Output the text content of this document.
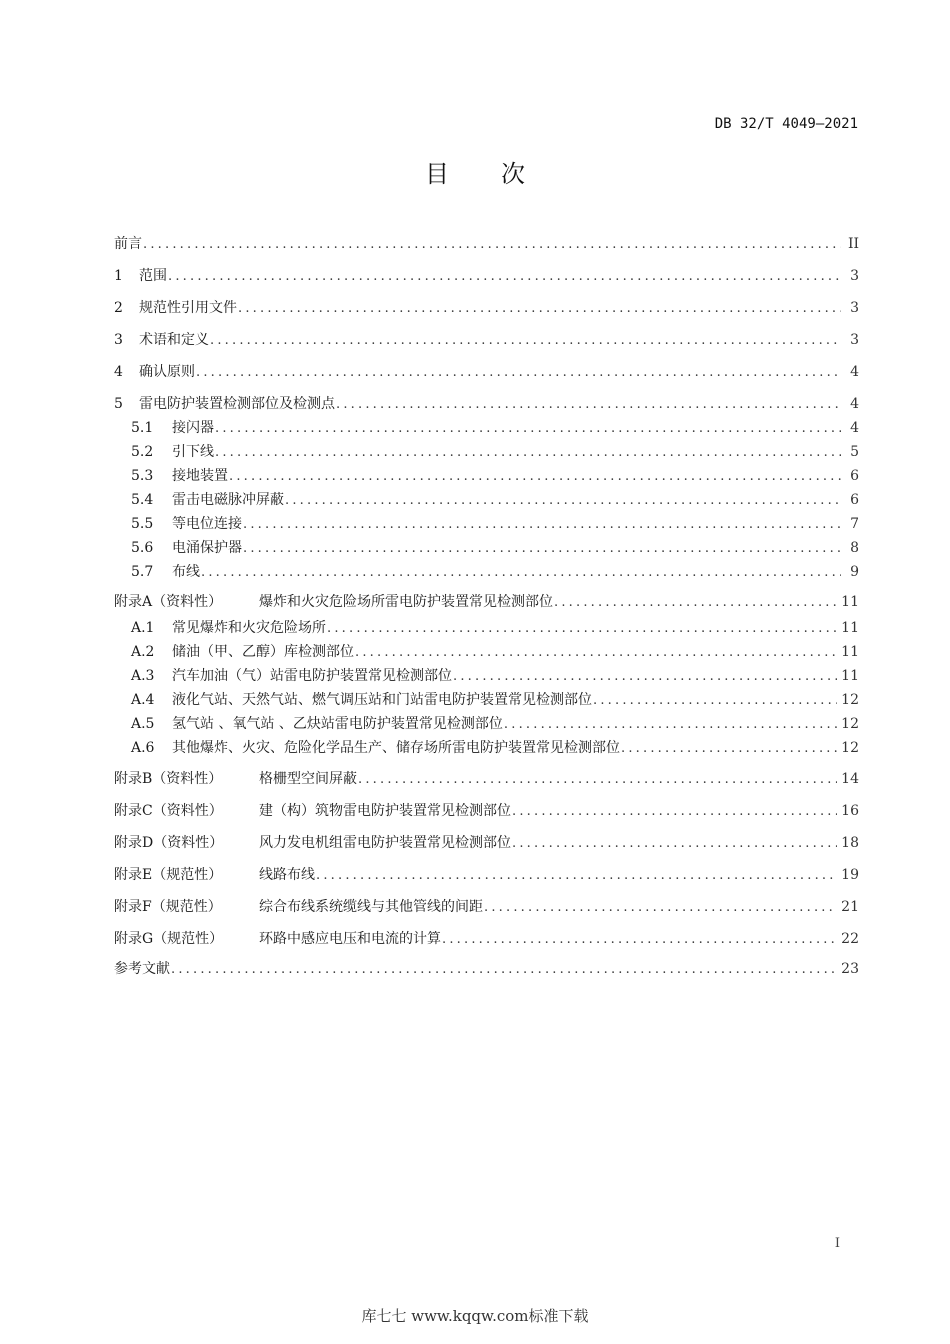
DB 32/T 4049—2021
目 次
前言 .....	II
1	范围 .....	3
2	规范性引用文件 .....	3
3	术语和定义 .....	3
4	确认原则 .....	4
5	雷电防护装置检测部位及检测点 .....	4
5.1	接闪器 .....	4
5.2	引下线 .....	5
5.3	接地装置 .....	6
5.4	雷击电磁脉冲屏蔽 .....	6
5.5	等电位连接 .....	7
5.6	电涌保护器 .....	8
5.7	布线 .....	9
附录A（资料性）	爆炸和火灾危险场所雷电防护装置常见检测部位 .....	11
A.1	常见爆炸和火灾危险场所 .....	11
A.2	储油（甲、乙醇）库检测部位 .....	11
A.3	汽车加油（气）站雷电防护装置常见检测部位 .....	11
A.4	液化气站、天然气站、燃气调压站和门站雷电防护装置常见检测部位 .....	12
A.5	氢气站 、氧气站 、乙炔站雷电防护装置常见检测部位 .....	12
A.6	其他爆炸、火灾、危险化学品生产、储存场所雷电防护装置常见检测部位 .....	12
附录B（资料性）	格栅型空间屏蔽 .....	14
附录C（资料性）	建（构）筑物雷电防护装置常见检测部位 .....	16
附录D（资料性）	风力发电机组雷电防护装置常见检测部位 .....	18
附录E（规范性）	线路布线 .....	19
附录F（规范性）	综合布线系统缆线与其他管线的间距 .....	21
附录G（规范性）	环路中感应电压和电流的计算 .....	22
参考文献 .....	23
I
库七七 www.kqqw.com标准下载
